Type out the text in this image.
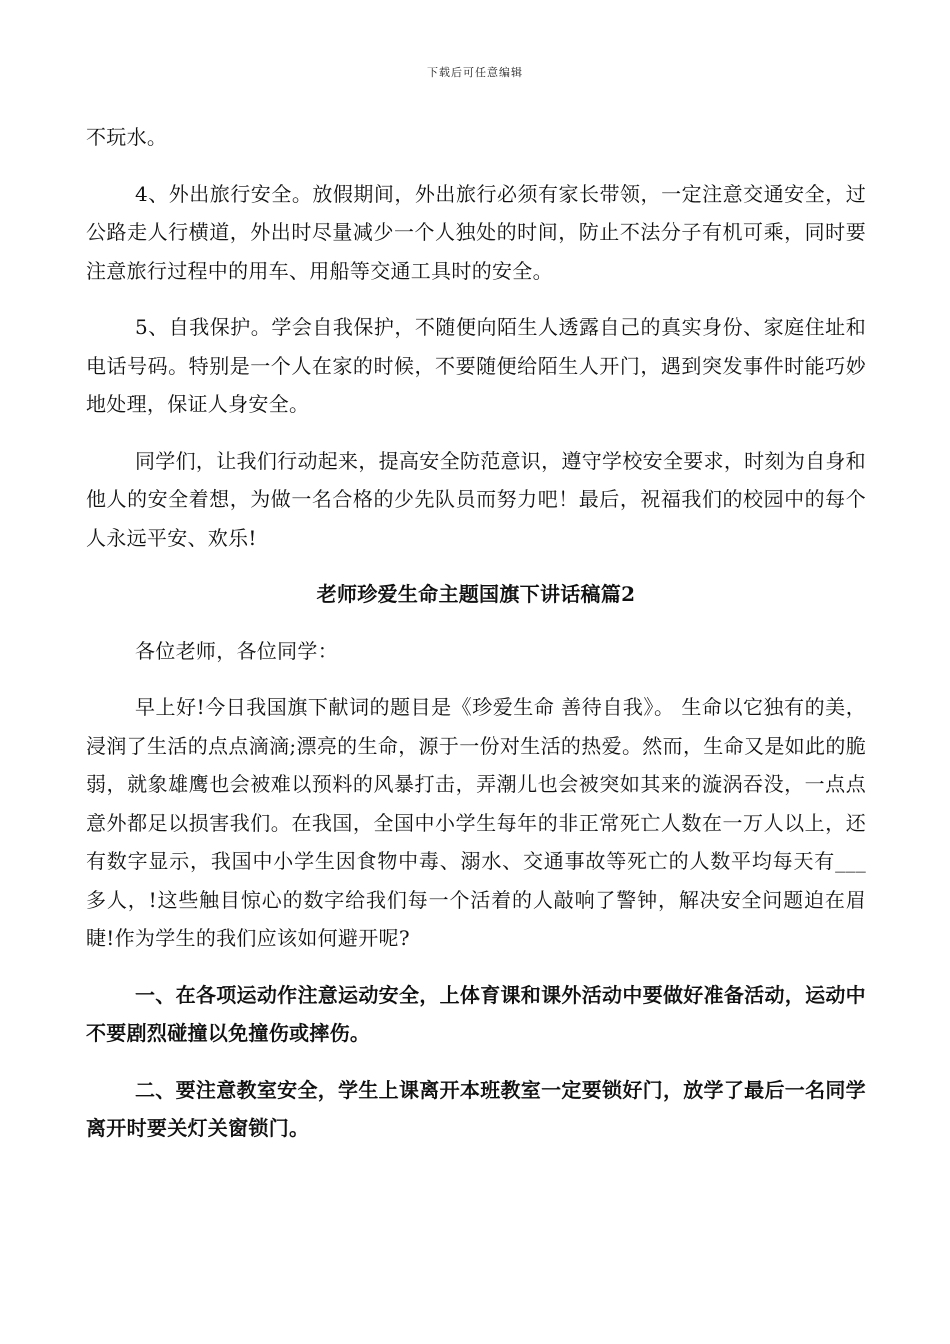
下载后可任意编辑

不玩水。

4、外出旅行安全。放假期间，外出旅行必须有家长带领，一定注意交通安全，过公路走人行横道，外出时尽量减少一个人独处的时间，防止不法分子有机可乘，同时要注意旅行过程中的用车、用船等交通工具时的安全。

5、自我保护。学会自我保护，不随便向陌生人透露自己的真实身份、家庭住址和电话号码。特别是一个人在家的时候，不要随便给陌生人开门，遇到突发事件时能巧妙地处理，保证人身安全。

同学们，让我们行动起来，提高安全防范意识，遵守学校安全要求，时刻为自身和他人的安全着想，为做一名合格的少先队员而努力吧！最后，祝福我们的校园中的每个人永远平安、欢乐!

老师珍爱生命主题国旗下讲话稿篇2

各位老师，各位同学：

早上好!今日我国旗下献词的题目是《珍爱生命 善待自我》。 生命以它独有的美，浸润了生活的点点滴滴;漂亮的生命，源于一份对生活的热爱。然而，生命又是如此的脆弱，就象雄鹰也会被难以预料的风暴打击，弄潮儿也会被突如其来的漩涡吞没，一点点意外都足以损害我们。在我国，全国中小学生每年的非正常死亡人数在一万人以上，还有数字显示，我国中小学生因食物中毒、溺水、交通事故等死亡的人数平均每天有___多人，!这些触目惊心的数字给我们每一个活着的人敲响了警钟，解决安全问题迫在眉睫!作为学生的我们应该如何避开呢?

一、在各项运动作注意运动安全，上体育课和课外活动中要做好准备活动，运动中不要剧烈碰撞以免撞伤或摔伤。

二、要注意教室安全，学生上课离开本班教室一定要锁好门，放学了最后一名同学离开时要关灯关窗锁门。
